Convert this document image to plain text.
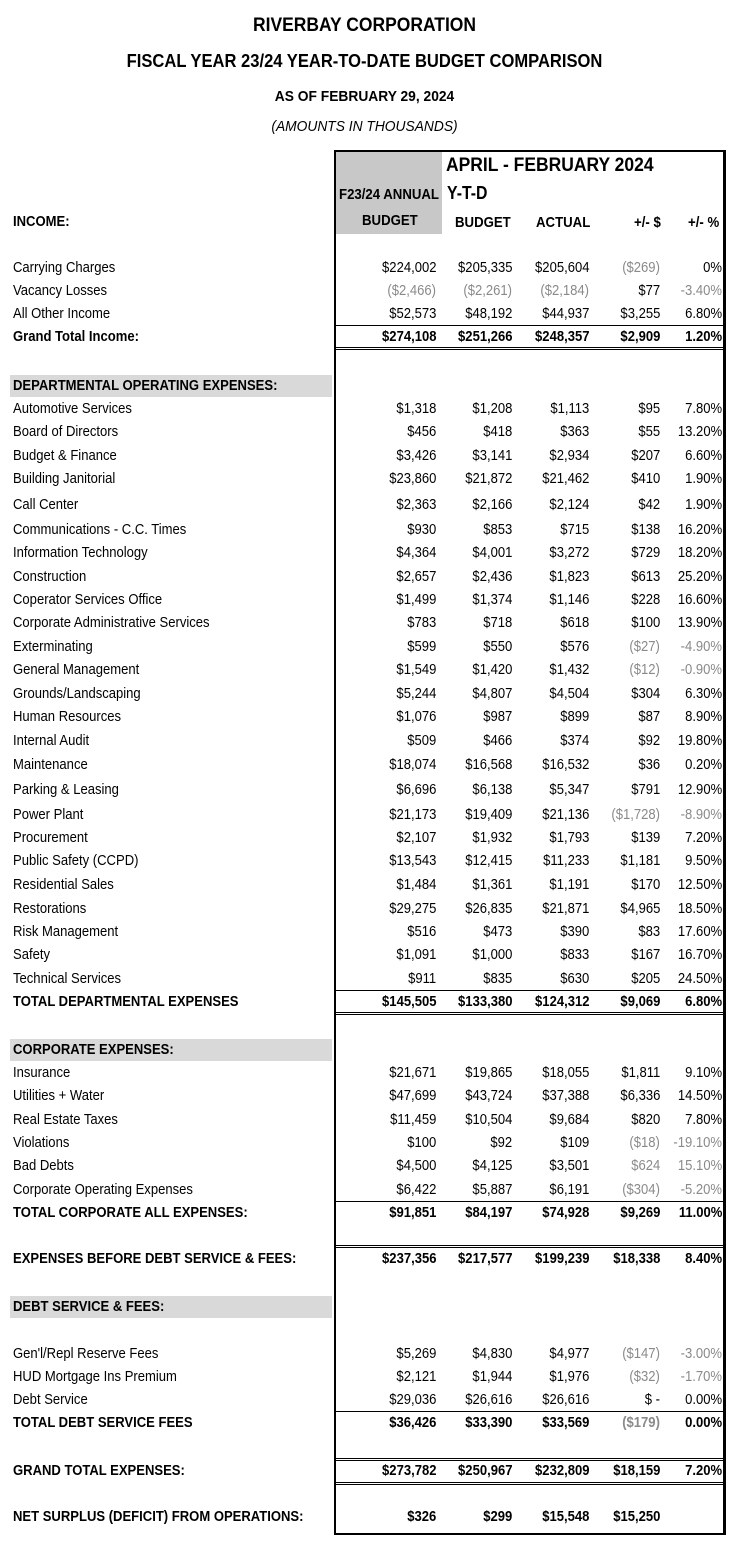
RIVERBAY CORPORATION
FISCAL YEAR 23/24 YEAR-TO-DATE BUDGET COMPARISON
AS OF FEBRUARY 29, 2024
(AMOUNTS IN THOUSANDS)
APRIL - FEBRUARY 2024
F23/24 ANNUAL Y-T-D
BUDGET BUDGET ACTUAL	+/- $ +/- %
INCOME:
Carrying Charges	$224,002 $205,335 $205,604 ($269)	0%
Vacancy Losses	($2,466) ($2,261) ($2,184)	$77 -3.40%
All Other Income	$52,573 $48,192 $44,937 $3,255 6.80%
Grand Total Income:	$274,108 $251,266 $248,357 $2,909 1.20%
DEPARTMENTAL OPERATING EXPENSES:
Automotive Services	$1,318 $1,208	$1,113	$95 7.80%
Board of Directors	$456	$418	$363	$55 13.20%
Budget & Finance	$3,426 $3,141	$2,934	$207 6.60%
Building Janitorial	$23,860 $21,872 $21,462	$410 1.90%
Call Center	$2,363 $2,166	$2,124	$42 1.90%
Communications - C.C. Times	$930	$853	$715	$138 16.20%
Information Technology	$4,364 $4,001	$3,272	$729 18.20%
Construction	$2,657 $2,436	$1,823	$613 25.20%
Coperator Services Office	$1,499 $1,374	$1,146	$228 16.60%
Corporate Administrative Services	$783	$718	$618	$100 13.90%
Exterminating	$599	$550	$576	($27) -4.90%
General Management	$1,549 $1,420	$1,432	($12) -0.90%
Grounds/Landscaping	$5,244 $4,807	$4,504	$304 6.30%
Human Resources	$1,076	$987	$899	$87 8.90%
Internal Audit	$509	$466	$374	$92 19.80%
Maintenance	$18,074 $16,568 $16,532	$36 0.20%
Parking & Leasing	$6,696 $6,138	$5,347	$791 12.90%
Power Plant	$21,173 $19,409 $21,136 ($1,728) -8.90%
Procurement	$2,107 $1,932	$1,793	$139 7.20%
Public Safety (CCPD)	$13,543 $12,415 $11,233 $1,181 9.50%
Residential Sales	$1,484 $1,361	$1,191	$170 12.50%
Restorations	$29,275 $26,835 $21,871 $4,965 18.50%
Risk Management	$516	$473	$390	$83 17.60%
Safety	$1,091 $1,000	$833	$167 16.70%
Technical Services	$911	$835	$630	$205 24.50%
TOTAL DEPARTMENTAL EXPENSES	$145,505 $133,380 $124,312 $9,069 6.80%
CORPORATE EXPENSES:
Insurance	$21,671 $19,865 $18,055 $1,811 9.10%
Utilities + Water	$47,699 $43,724 $37,388 $6,336 14.50%
Real Estate Taxes	$11,459 $10,504	$9,684	$820 7.80%
Violations	$100	$92	$109	($18) -19.10%
Bad Debts	$4,500 $4,125	$3,501	$624 15.10%
Corporate Operating Expenses	$6,422 $5,887	$6,191 ($304) -5.20%
TOTAL CORPORATE ALL EXPENSES:	$91,851 $84,197 $74,928 $9,269 11.00%
EXPENSES BEFORE DEBT SERVICE & FEES:	$237,356 $217,577 $199,239 $18,338 8.40%
DEBT SERVICE & FEES:
Gen'l/Repl Reserve Fees	$5,269 $4,830	$4,977 ($147) -3.00%
HUD Mortgage Ins Premium	$2,121 $1,944	$1,976	($32) -1.70%
Debt Service	$29,036 $26,616 $26,616	$ - 0.00%
TOTAL DEBT SERVICE FEES	$36,426 $33,390 $33,569 ($179) 0.00%
GRAND TOTAL EXPENSES:	$273,782 $250,967 $232,809 $18,159 7.20%
NET SURPLUS (DEFICIT) FROM OPERATIONS:	$326	$299 $15,548 $15,250
